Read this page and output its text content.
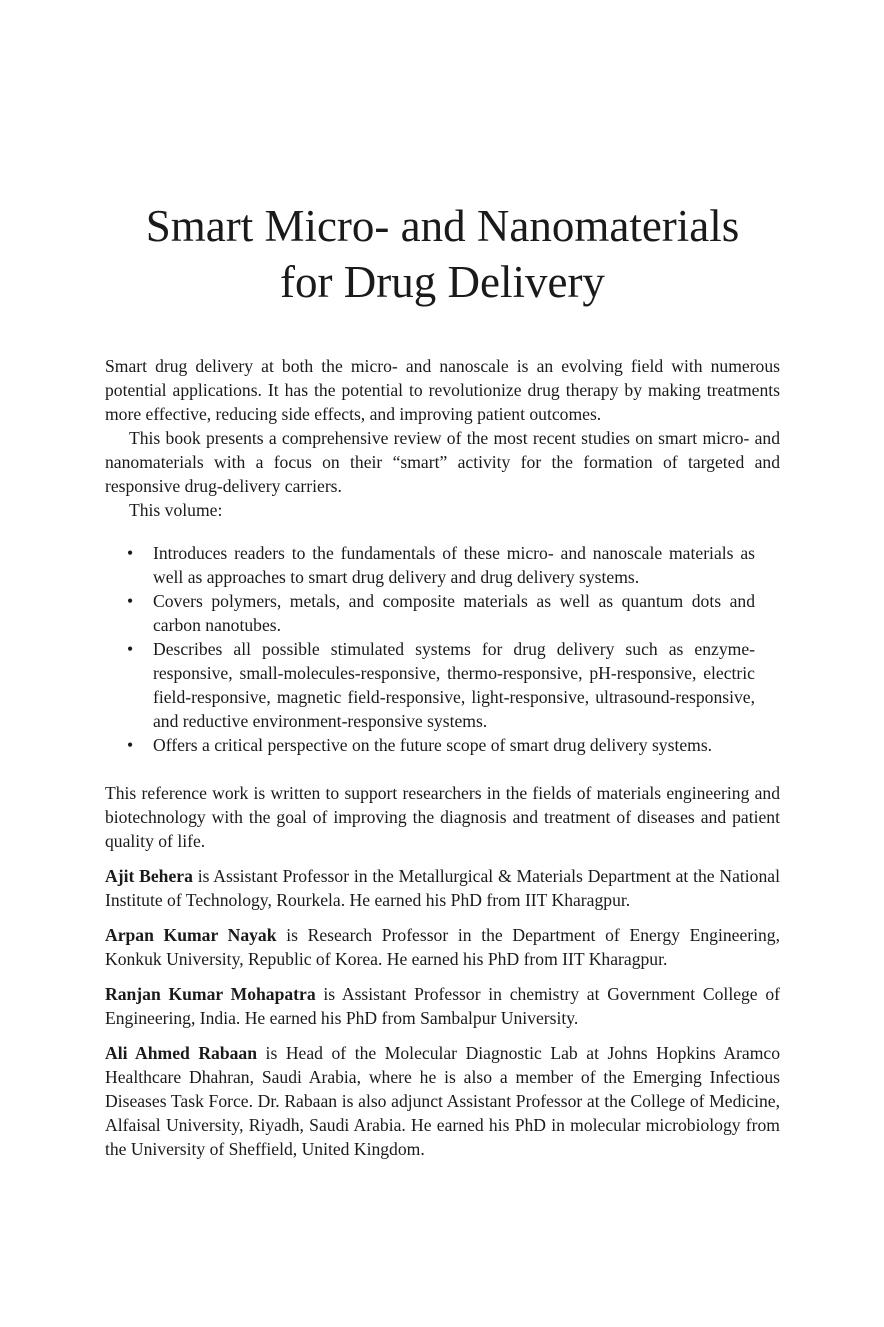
Smart Micro- and Nanomaterials
for Drug Delivery

Smart drug delivery at both the micro- and nanoscale is an evolving field with numerous potential applications. It has the potential to revolutionize drug therapy by making treatments more effective, reducing side effects, and improving patient outcomes.

This book presents a comprehensive review of the most recent studies on smart micro- and nanomaterials with a focus on their “smart” activity for the formation of targeted and responsive drug-delivery carriers.

This volume:

• Introduces readers to the fundamentals of these micro- and nanoscale materials as well as approaches to smart drug delivery and drug delivery systems.
• Covers polymers, metals, and composite materials as well as quantum dots and carbon nanotubes.
• Describes all possible stimulated systems for drug delivery such as enzyme-responsive, small-molecules-responsive, thermo-responsive, pH-responsive, electric field-responsive, magnetic field-responsive, light-responsive, ultrasound-responsive, and reductive environment-responsive systems.
• Offers a critical perspective on the future scope of smart drug delivery systems.

This reference work is written to support researchers in the fields of materials engineering and biotechnology with the goal of improving the diagnosis and treatment of diseases and patient quality of life.

Ajit Behera is Assistant Professor in the Metallurgical & Materials Department at the National Institute of Technology, Rourkela. He earned his PhD from IIT Kharagpur.

Arpan Kumar Nayak is Research Professor in the Department of Energy Engineering, Konkuk University, Republic of Korea. He earned his PhD from IIT Kharagpur.

Ranjan Kumar Mohapatra is Assistant Professor in chemistry at Government College of Engineering, India. He earned his PhD from Sambalpur University.

Ali Ahmed Rabaan is Head of the Molecular Diagnostic Lab at Johns Hopkins Aramco Healthcare Dhahran, Saudi Arabia, where he is also a member of the Emerging Infectious Diseases Task Force. Dr. Rabaan is also adjunct Assistant Professor at the College of Medicine, Alfaisal University, Riyadh, Saudi Arabia. He earned his PhD in molecular microbiology from the University of Sheffield, United Kingdom.
